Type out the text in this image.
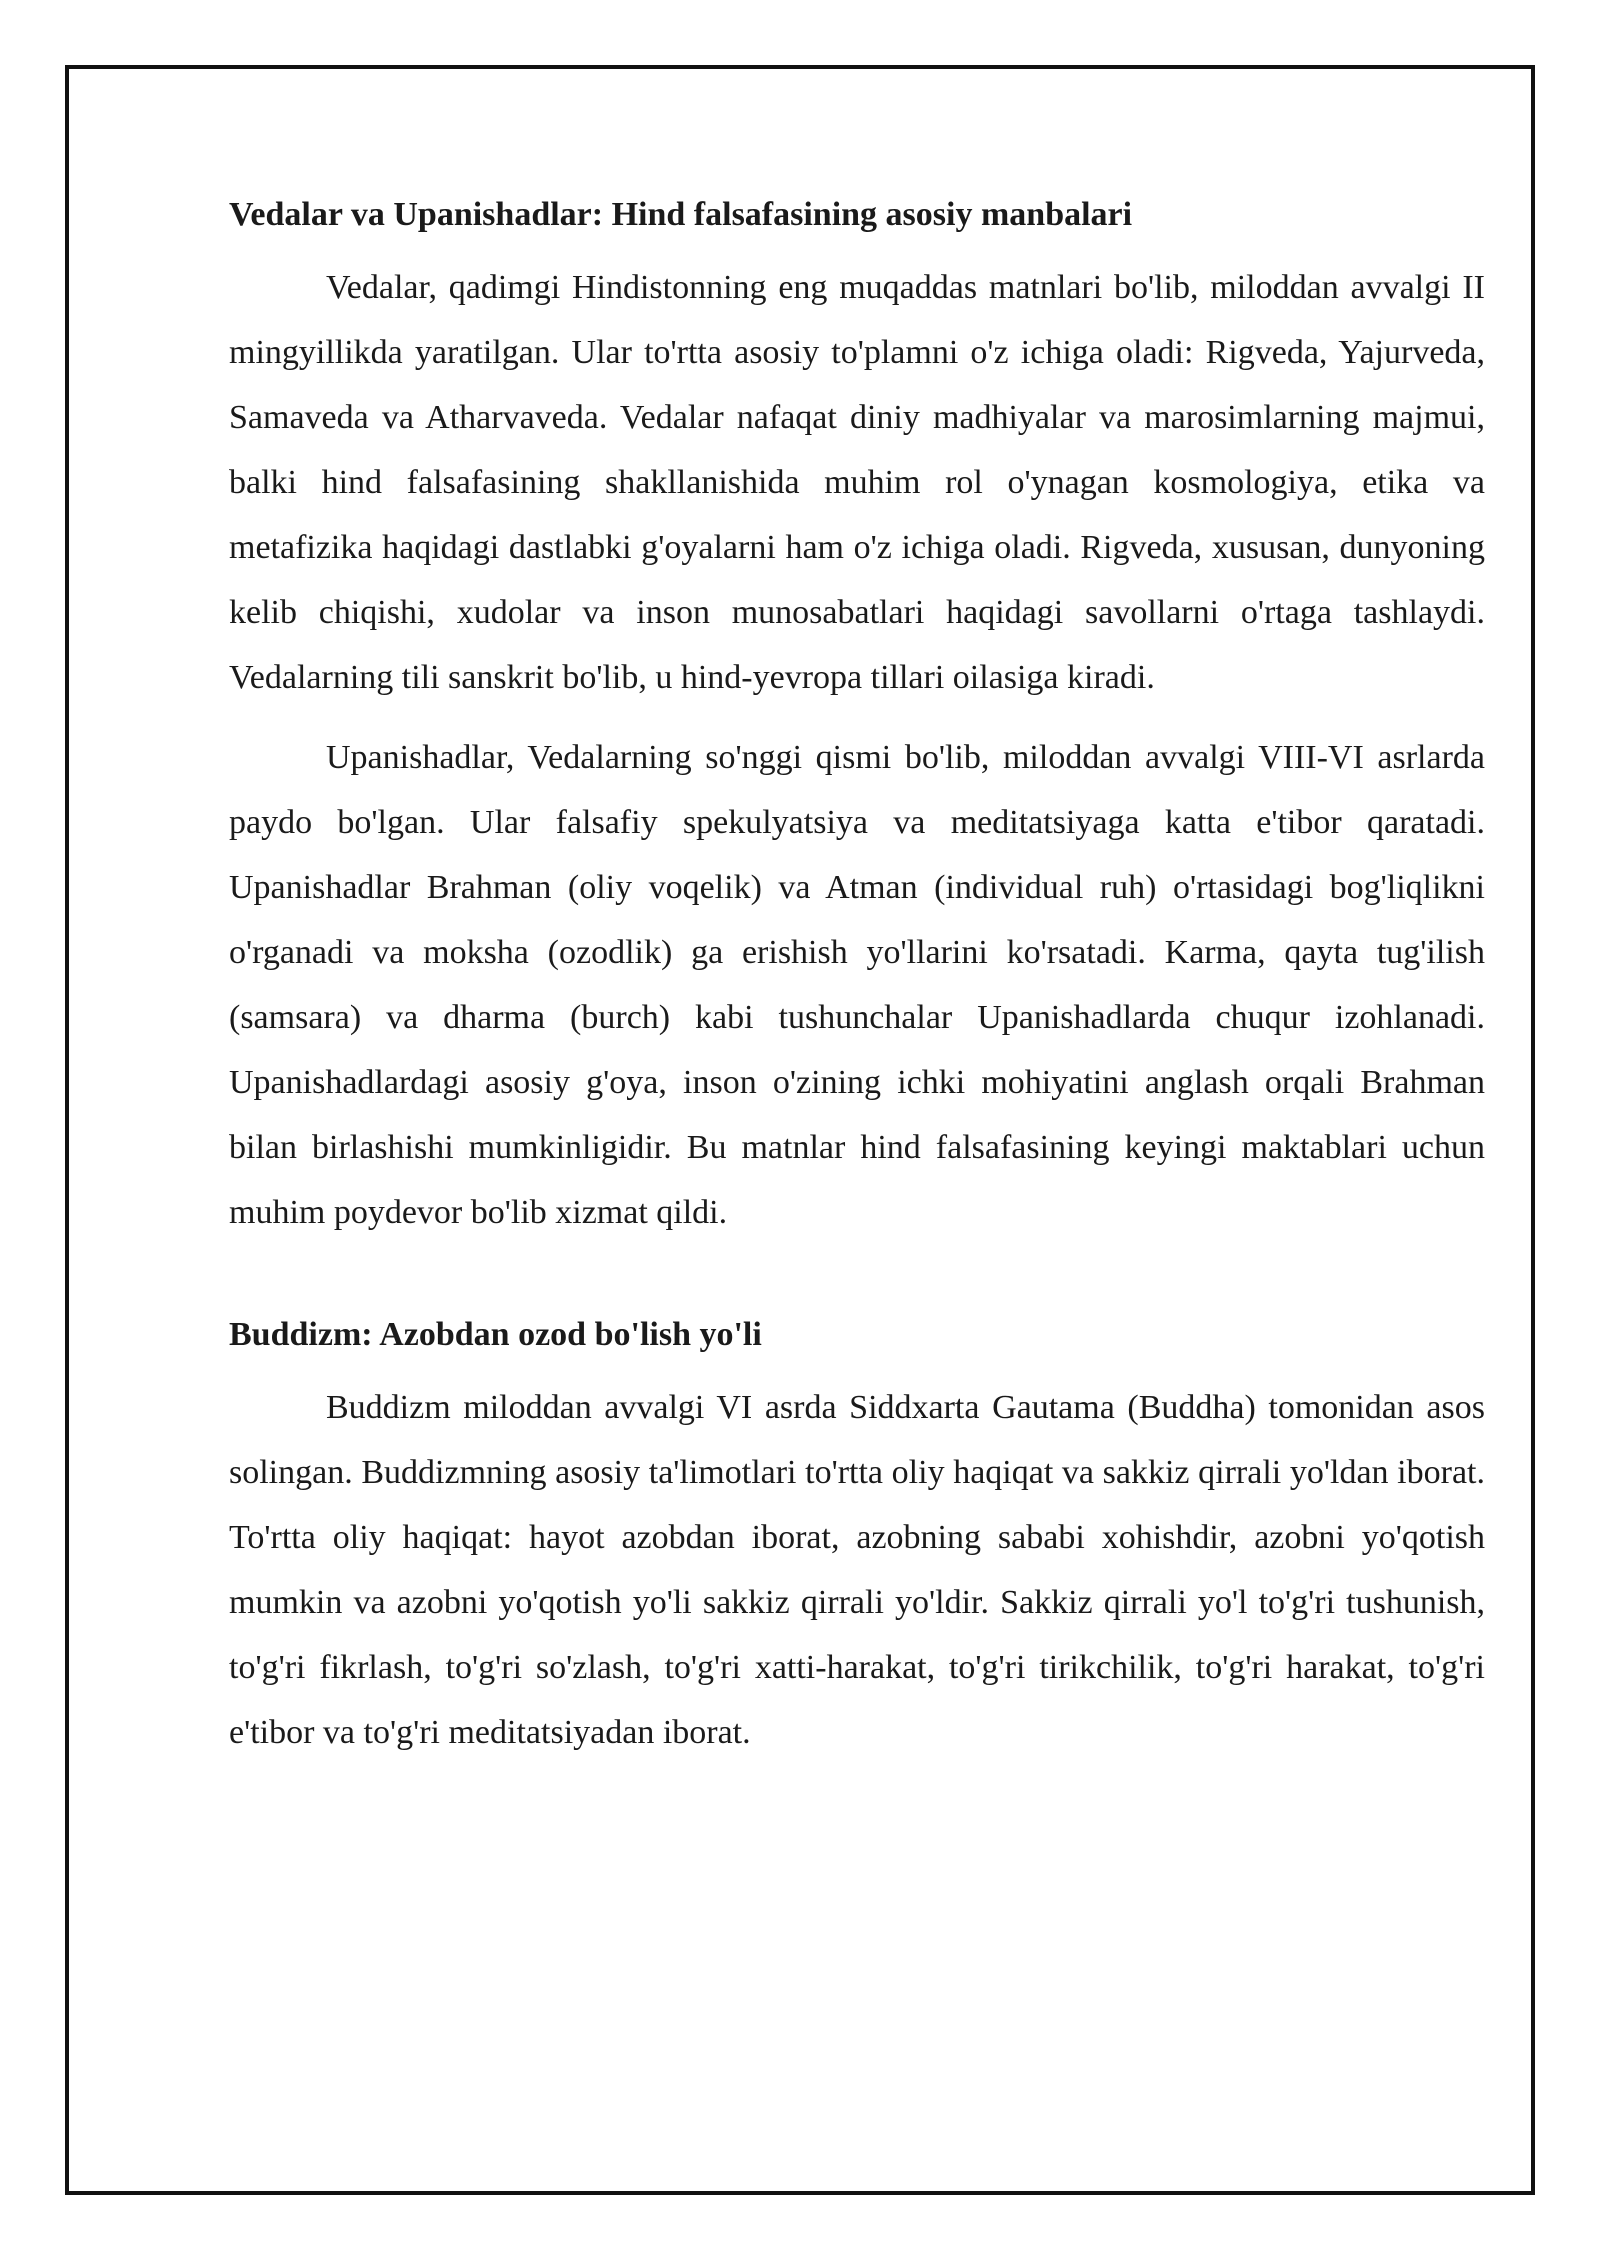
Vedalar va Upanishadlar: Hind falsafasining asosiy manbalari

Vedalar, qadimgi Hindistonning eng muqaddas matnlari bo'lib, miloddan avvalgi II mingyillikda yaratilgan. Ular to'rtta asosiy to'plamni o'z ichiga oladi: Rigveda, Yajurveda, Samaveda va Atharvaveda. Vedalar nafaqat diniy madhiyalar va marosimlarning majmui, balki hind falsafasining shakllanishida muhim rol o'ynagan kosmologiya, etika va metafizika haqidagi dastlabki g'oyalarni ham o'z ichiga oladi. Rigveda, xususan, dunyoning kelib chiqishi, xudolar va inson munosabatlari haqidagi savollarni o'rtaga tashlaydi. Vedalarning tili sanskrit bo'lib, u hind-yevropa tillari oilasiga kiradi.

Upanishadlar, Vedalarning so'nggi qismi bo'lib, miloddan avvalgi VIII-VI asrlarda paydo bo'lgan. Ular falsafiy spekulyatsiya va meditatsiyaga katta e'tibor qaratadi. Upanishadlar Brahman (oliy voqelik) va Atman (individual ruh) o'rtasidagi bog'liqlikni o'rganadi va moksha (ozodlik) ga erishish yo'llarini ko'rsatadi. Karma, qayta tug'ilish (samsara) va dharma (burch) kabi tushunchalar Upanishadlarda chuqur izohlanadi. Upanishadlardagi asosiy g'oya, inson o'zining ichki mohiyatini anglash orqali Brahman bilan birlashishi mumkinligidir. Bu matnlar hind falsafasining keyingi maktablari uchun muhim poydevor bo'lib xizmat qildi.

Buddizm: Azobdan ozod bo'lish yo'li

Buddizm miloddan avvalgi VI asrda Siddxarta Gautama (Buddha) tomonidan asos solingan. Buddizmning asosiy ta'limotlari to'rtta oliy haqiqat va sakkiz qirrali yo'ldan iborat. To'rtta oliy haqiqat: hayot azobdan iborat, azobning sababi xohishdir, azobni yo'qotish mumkin va azobni yo'qotish yo'li sakkiz qirrali yo'ldir. Sakkiz qirrali yo'l to'g'ri tushunish, to'g'ri fikrlash, to'g'ri so'zlash, to'g'ri xatti-harakat, to'g'ri tirikchilik, to'g'ri harakat, to'g'ri e'tibor va to'g'ri meditatsiyadan iborat.
